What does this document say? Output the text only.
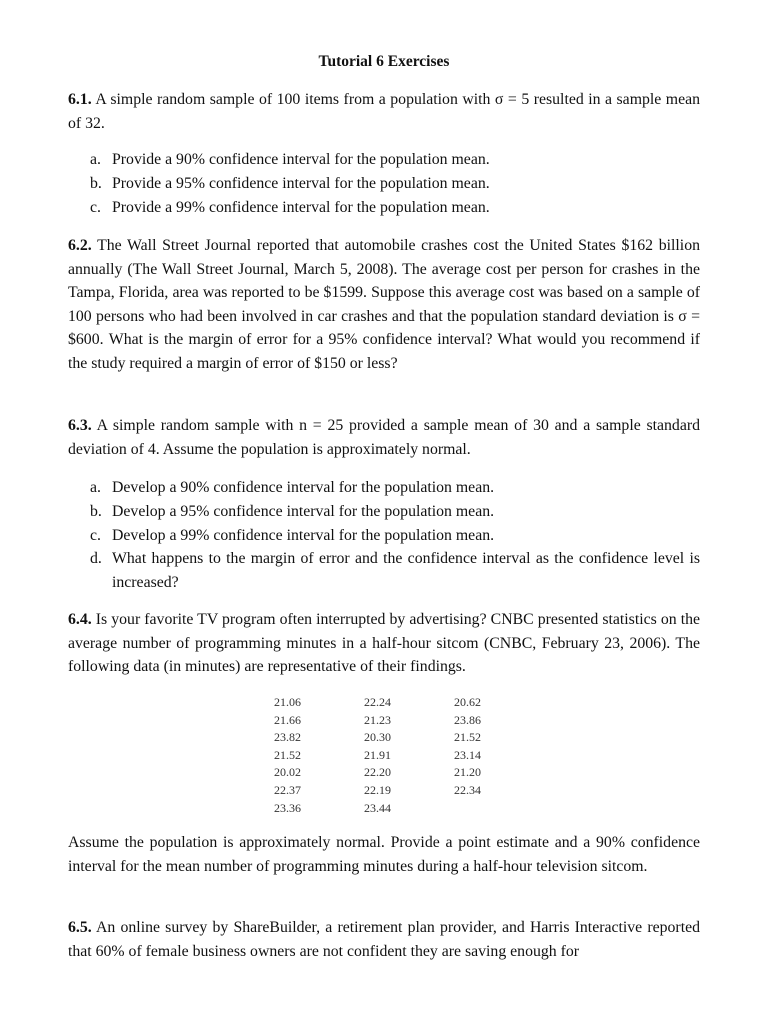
Tutorial 6 Exercises

6.1. A simple random sample of 100 items from a population with σ = 5 resulted in a sample mean of 32.

a. Provide a 90% confidence interval for the population mean.
b. Provide a 95% confidence interval for the population mean.
c. Provide a 99% confidence interval for the population mean.

6.2. The Wall Street Journal reported that automobile crashes cost the United States $162 billion annually (The Wall Street Journal, March 5, 2008). The average cost per person for crashes in the Tampa, Florida, area was reported to be $1599. Suppose this average cost was based on a sample of 100 persons who had been involved in car crashes and that the population standard deviation is σ = $600. What is the margin of error for a 95% confidence interval? What would you recommend if the study required a margin of error of $150 or less?

6.3. A simple random sample with n = 25 provided a sample mean of 30 and a sample standard deviation of 4. Assume the population is approximately normal.

a. Develop a 90% confidence interval for the population mean.
b. Develop a 95% confidence interval for the population mean.
c. Develop a 99% confidence interval for the population mean.
d. What happens to the margin of error and the confidence interval as the confidence level is increased?

6.4. Is your favorite TV program often interrupted by advertising? CNBC presented statistics on the average number of programming minutes in a half-hour sitcom (CNBC, February 23, 2006). The following data (in minutes) are representative of their findings.

21.06	22.24	20.62
21.66	21.23	23.86
23.82	20.30	21.52
21.52	21.91	23.14
20.02	22.20	21.20
22.37	22.19	22.34
23.36	23.44	

Assume the population is approximately normal. Provide a point estimate and a 90% confidence interval for the mean number of programming minutes during a half-hour television sitcom.

6.5. An online survey by ShareBuilder, a retirement plan provider, and Harris Interactive reported that 60% of female business owners are not confident they are saving enough for
